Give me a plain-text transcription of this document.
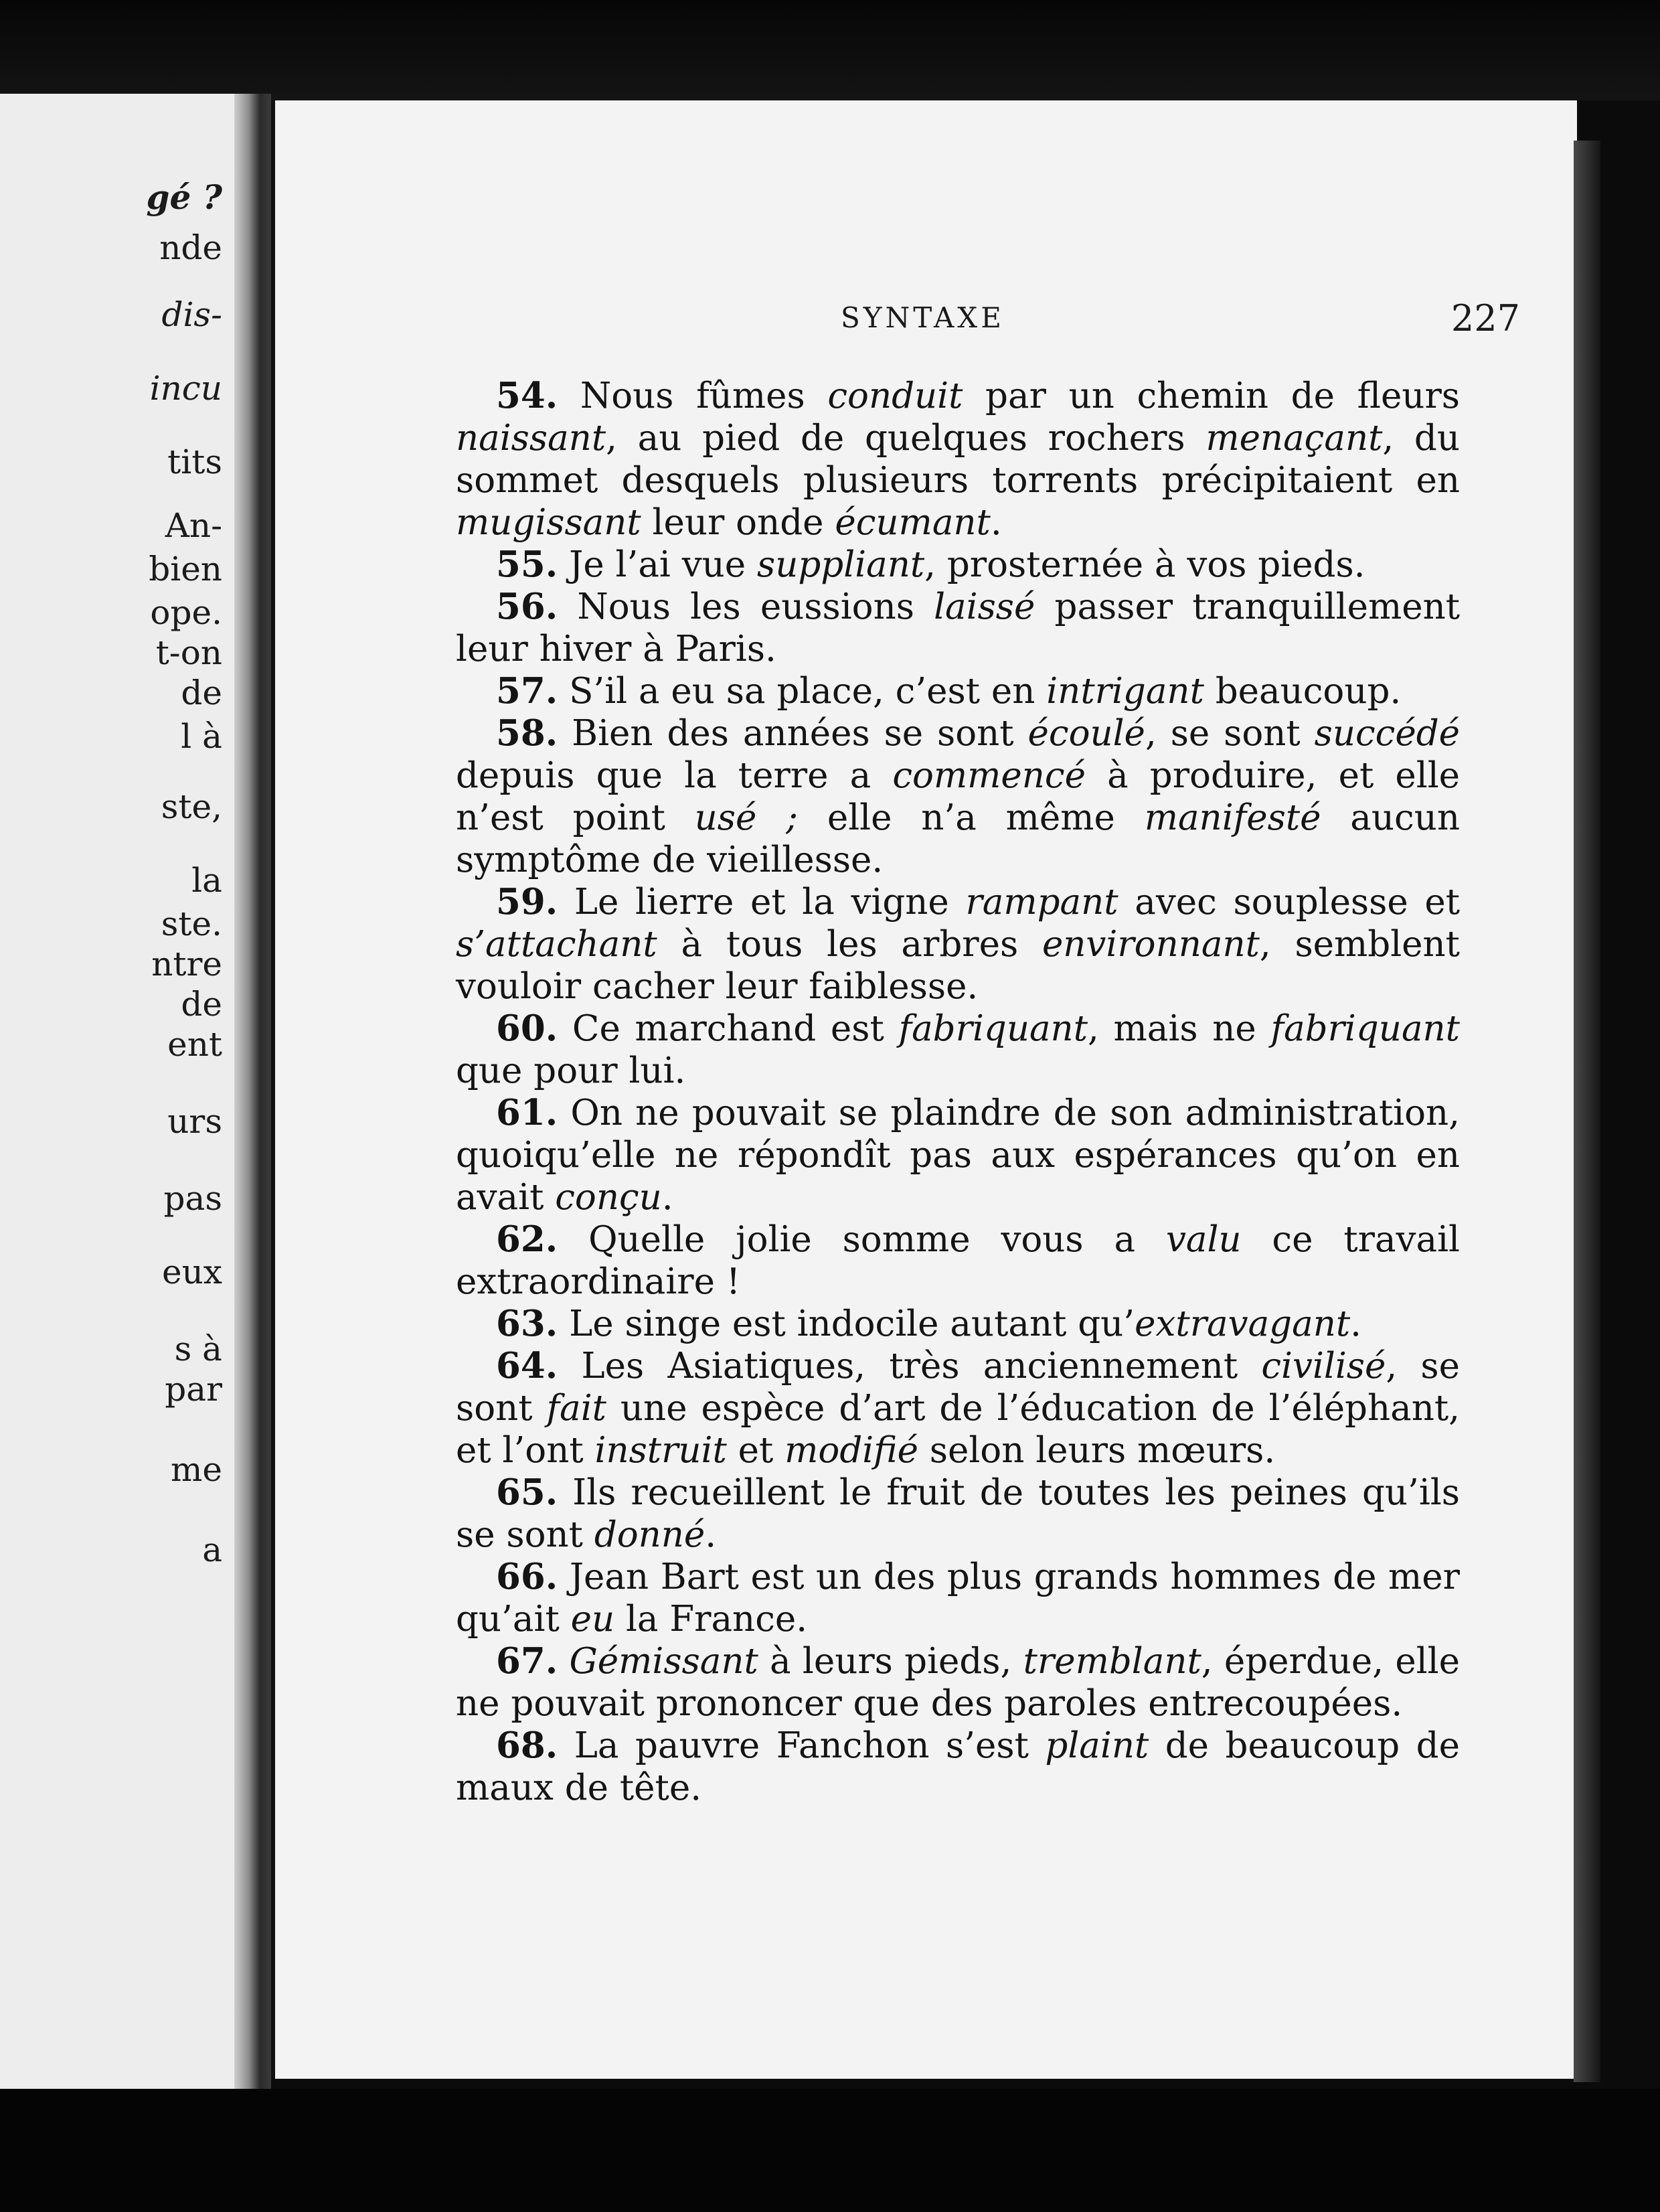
gé ?
nde
dis-
incu
tits
An-
bien
ope.
t-on
de
l à
ste,
la
ste.
ntre
de
ent
urs
pas
eux
s à
par
me
a
SYNTAXE	227

54. Nous fûmes conduit par un chemin de fleurs naissant, au pied de quelques rochers menaçant, du sommet desquels plusieurs torrents précipitaient en mugissant leur onde écumant.

55. Je l’ai vue suppliant, prosternée à vos pieds.

56. Nous les eussions laissé passer tranquillement leur hiver à Paris.

57. S’il a eu sa place, c’est en intrigant beaucoup.

58. Bien des années se sont écoulé, se sont succédé depuis que la terre a commencé à produire, et elle n’est point usé ; elle n’a même manifesté aucun symptôme de vieillesse.

59. Le lierre et la vigne rampant avec souplesse et s’attachant à tous les arbres environnant, semblent vouloir cacher leur faiblesse.

60. Ce marchand est fabriquant, mais ne fabriquant que pour lui.

61. On ne pouvait se plaindre de son administration, quoiqu’elle ne répondît pas aux espérances qu’on en avait conçu.

62. Quelle jolie somme vous a valu ce travail extraordinaire !

63. Le singe est indocile autant qu’extravagant.

64. Les Asiatiques, très anciennement civilisé, se sont fait une espèce d’art de l’éducation de l’éléphant, et l’ont instruit et modifié selon leurs mœurs.

65. Ils recueillent le fruit de toutes les peines qu’ils se sont donné.

66. Jean Bart est un des plus grands hommes de mer qu’ait eu la France.

67. Gémissant à leurs pieds, tremblant, éperdue, elle ne pouvait prononcer que des paroles entrecoupées.

68. La pauvre Fanchon s’est plaint de beaucoup de maux de tête.
